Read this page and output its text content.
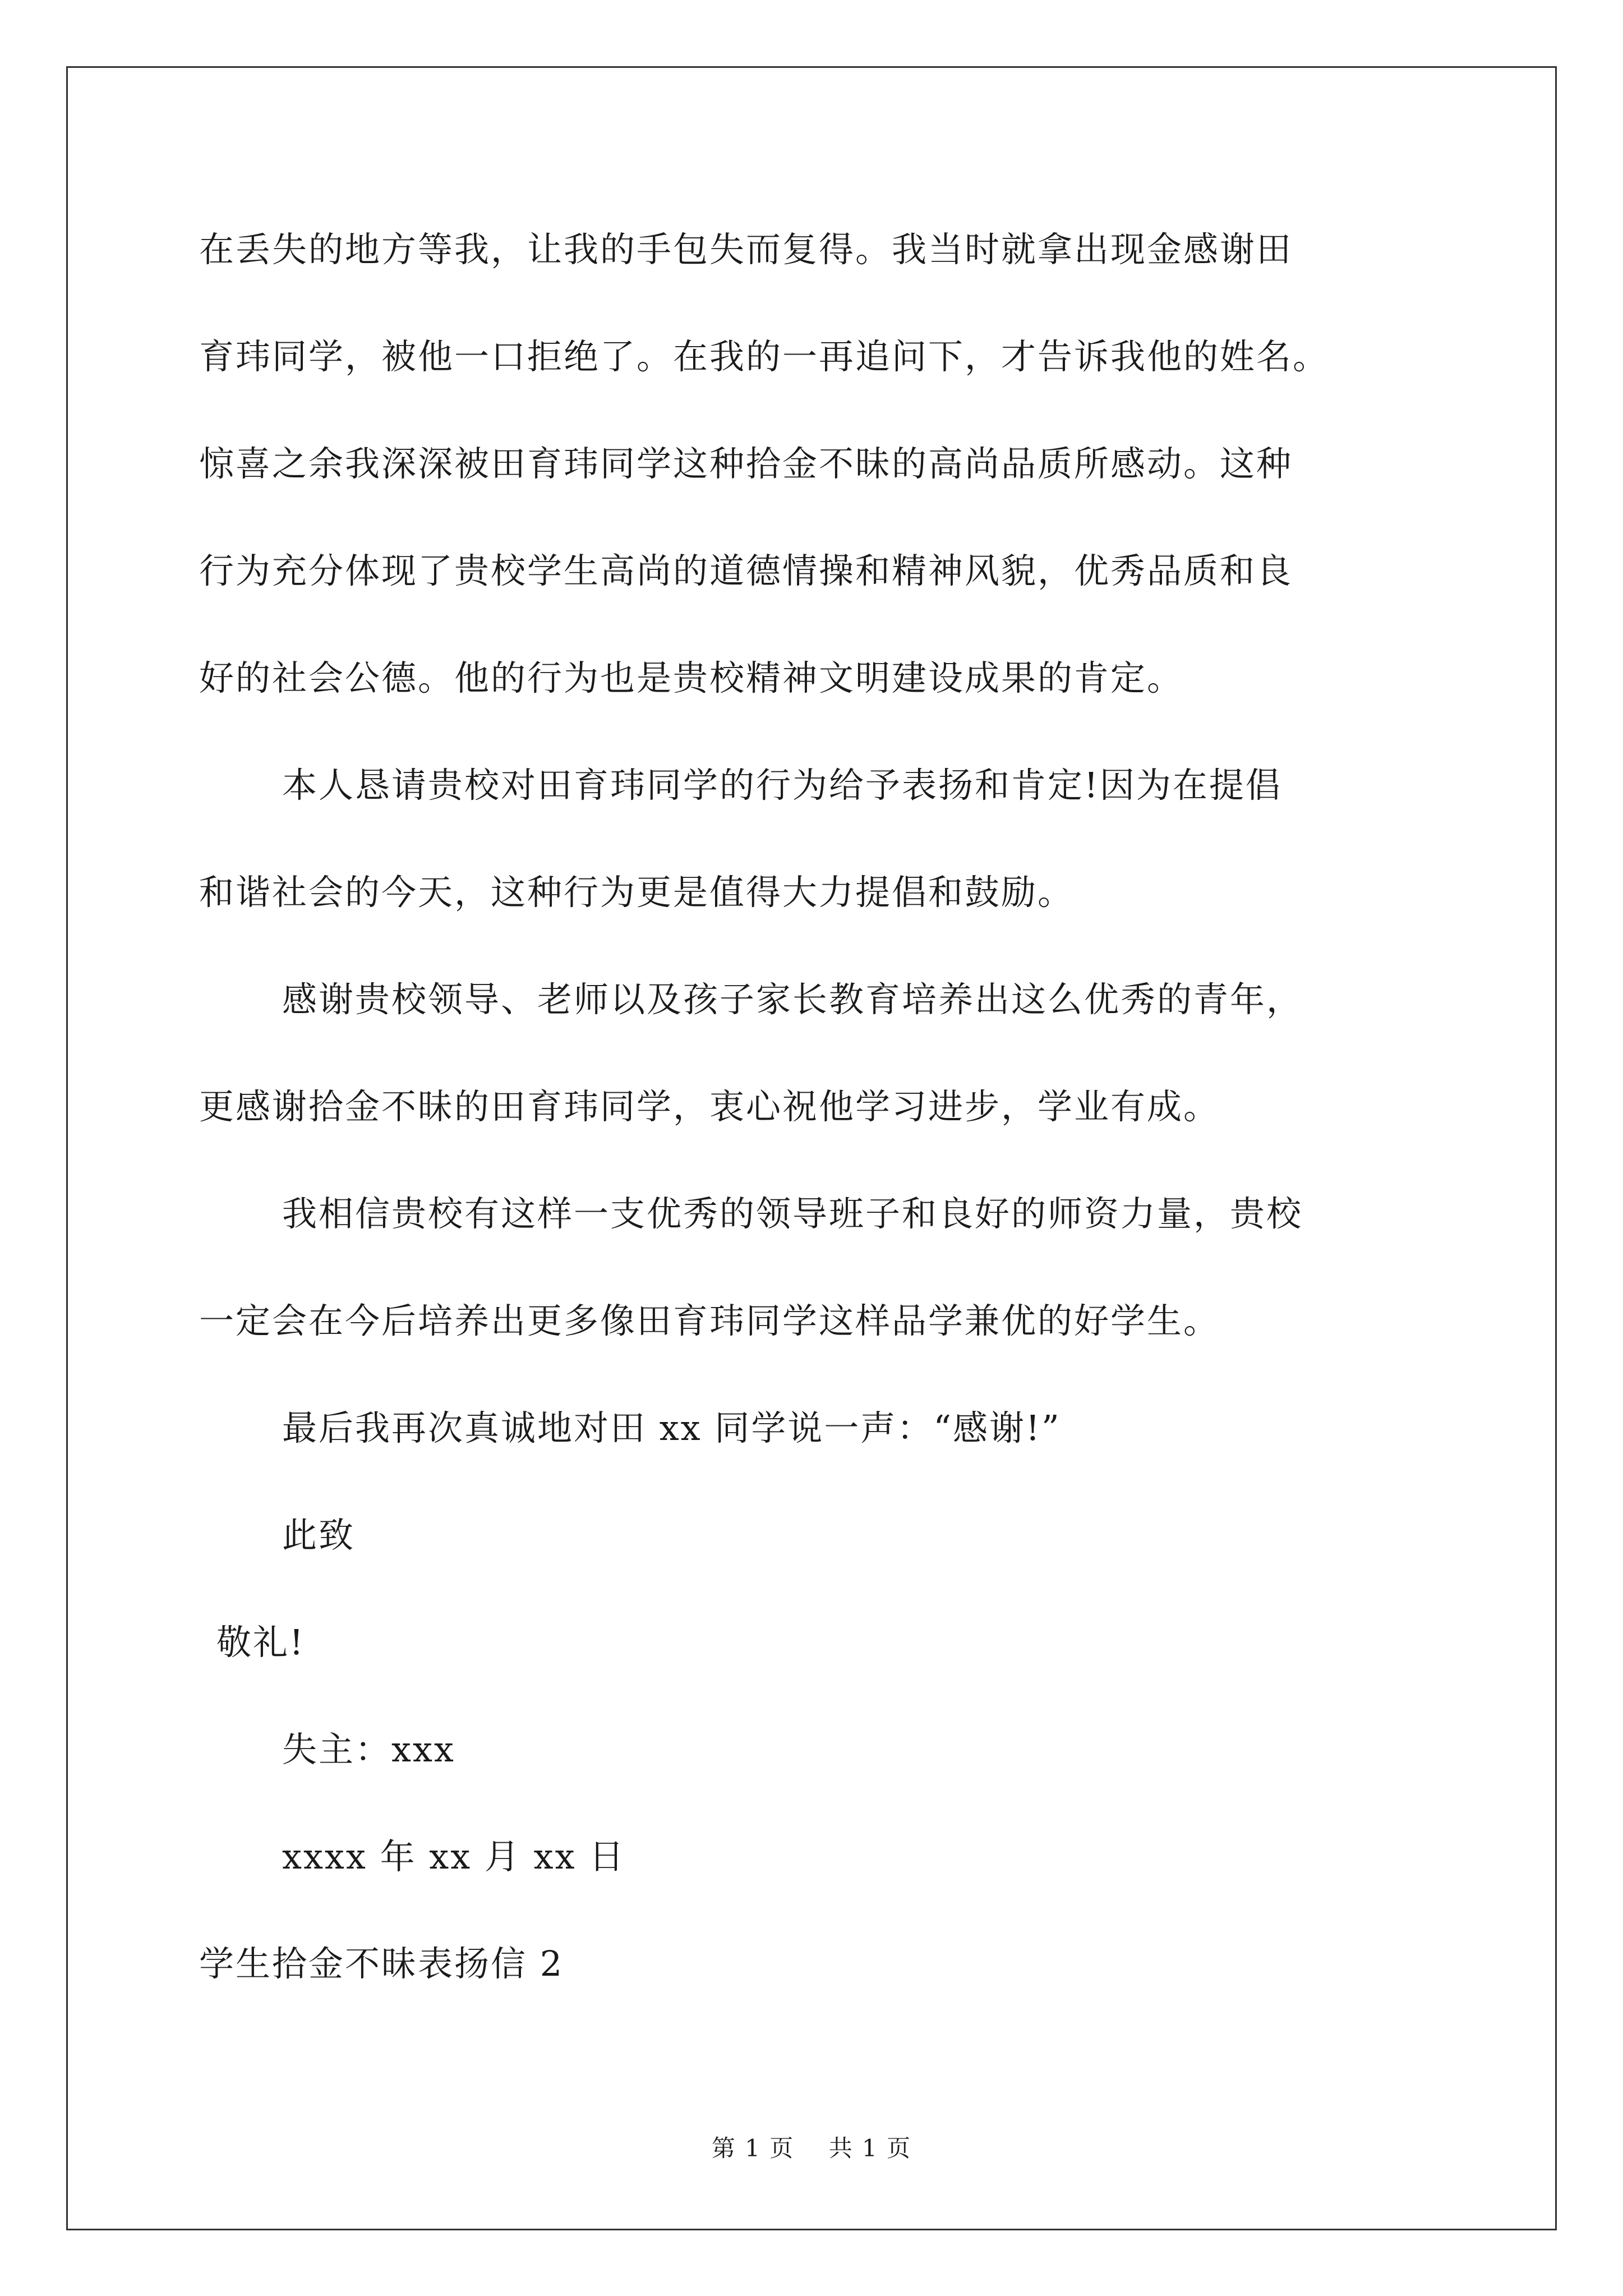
在丢失的地方等我，让我的手包失而复得。我当时就拿出现金感谢田
育玮同学，被他一口拒绝了。在我的一再追问下，才告诉我他的姓名。
惊喜之余我深深被田育玮同学这种拾金不昧的高尚品质所感动。这种
行为充分体现了贵校学生高尚的道德情操和精神风貌，优秀品质和良
好的社会公德。他的行为也是贵校精神文明建设成果的肯定。
本人恳请贵校对田育玮同学的行为给予表扬和肯定!因为在提倡
和谐社会的今天，这种行为更是值得大力提倡和鼓励。
感谢贵校领导、老师以及孩子家长教育培养出这么优秀的青年，
更感谢拾金不昧的田育玮同学，衷心祝他学习进步，学业有成。
我相信贵校有这样一支优秀的领导班子和良好的师资力量，贵校
一定会在今后培养出更多像田育玮同学这样品学兼优的好学生。
最后我再次真诚地对田 xx 同学说一声：“感谢!”
此致
敬礼!
失主：xxx
xxxx 年 xx 月 xx 日
学生拾金不昧表扬信 2
第 1 页    共 1 页
